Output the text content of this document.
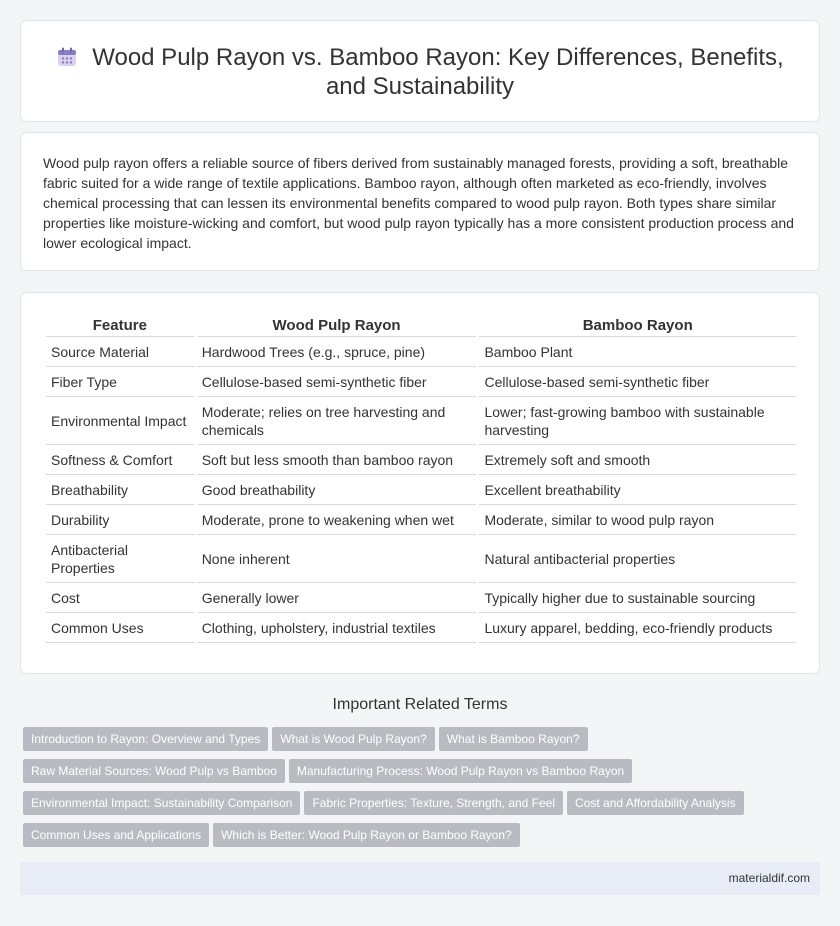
Wood Pulp Rayon vs. Bamboo Rayon: Key Differences, Benefits,
and Sustainability

Wood pulp rayon offers a reliable source of fibers derived from sustainably managed forests, providing a soft, breathable fabric suited for a wide range of textile applications. Bamboo rayon, although often marketed as eco-friendly, involves chemical processing that can lessen its environmental benefits compared to wood pulp rayon. Both types share similar properties like moisture-wicking and comfort, but wood pulp rayon typically has a more consistent production process and lower ecological impact.

Feature	Wood Pulp Rayon	Bamboo Rayon
Source Material	Hardwood Trees (e.g., spruce, pine)	Bamboo Plant
Fiber Type	Cellulose-based semi-synthetic fiber	Cellulose-based semi-synthetic fiber
Environmental Impact	Moderate; relies on tree harvesting and chemicals	Lower; fast-growing bamboo with sustainable harvesting
Softness & Comfort	Soft but less smooth than bamboo rayon	Extremely soft and smooth
Breathability	Good breathability	Excellent breathability
Durability	Moderate, prone to weakening when wet	Moderate, similar to wood pulp rayon
Antibacterial Properties	None inherent	Natural antibacterial properties
Cost	Generally lower	Typically higher due to sustainable sourcing
Common Uses	Clothing, upholstery, industrial textiles	Luxury apparel, bedding, eco-friendly products
Important Related Terms
Introduction to Rayon: Overview and Types What is Wood Pulp Rayon? What is Bamboo Rayon?
Raw Material Sources: Wood Pulp vs Bamboo Manufacturing Process: Wood Pulp Rayon vs Bamboo Rayon
Environmental Impact: Sustainability Comparison Fabric Properties: Texture, Strength, and Feel Cost and Affordability Analysis
Common Uses and Applications Which is Better: Wood Pulp Rayon or Bamboo Rayon?
materialdif.com
